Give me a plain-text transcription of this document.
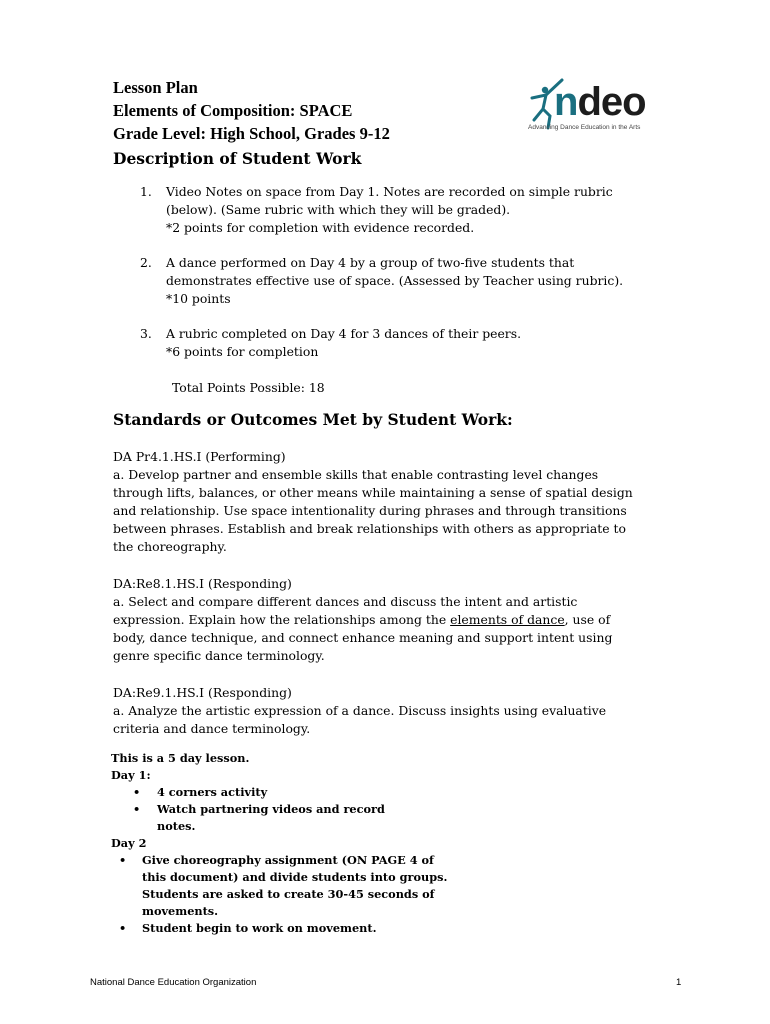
Lesson Plan
Elements of Composition: SPACE
Grade Level: High School, Grades 9-12
ndeo
Advancing Dance Education in the Arts
Description of Student Work
1. Video Notes on space from Day 1. Notes are recorded on simple rubric
(below). (Same rubric with which they will be graded).
*2 points for completion with evidence recorded.
2. A dance performed on Day 4 by a group of two-five students that
demonstrates effective use of space. (Assessed by Teacher using rubric).
*10 points
3. A rubric completed on Day 4 for 3 dances of their peers.
*6 points for completion
Total Points Possible: 18
Standards or Outcomes Met by Student Work:
DA Pr4.1.HS.I (Performing)
a. Develop partner and ensemble skills that enable contrasting level changes
through lifts, balances, or other means while maintaining a sense of spatial design
and relationship. Use space intentionality during phrases and through transitions
between phrases. Establish and break relationships with others as appropriate to
the choreography.
DA:Re8.1.HS.I (Responding)
a. Select and compare different dances and discuss the intent and artistic
expression. Explain how the relationships among the elements of dance, use of
body, dance technique, and connect enhance meaning and support intent using
genre specific dance terminology.
DA:Re9.1.HS.I (Responding)
a. Analyze the artistic expression of a dance. Discuss insights using evaluative
criteria and dance terminology.
This is a 5 day lesson.
Day 1:
• 4 corners activity
• Watch partnering videos and record
notes.
Day 2
• Give choreography assignment (ON PAGE 4 of
this document) and divide students into groups.
Students are asked to create 30-45 seconds of
movements.
• Student begin to work on movement.
National Dance Education Organization	1
